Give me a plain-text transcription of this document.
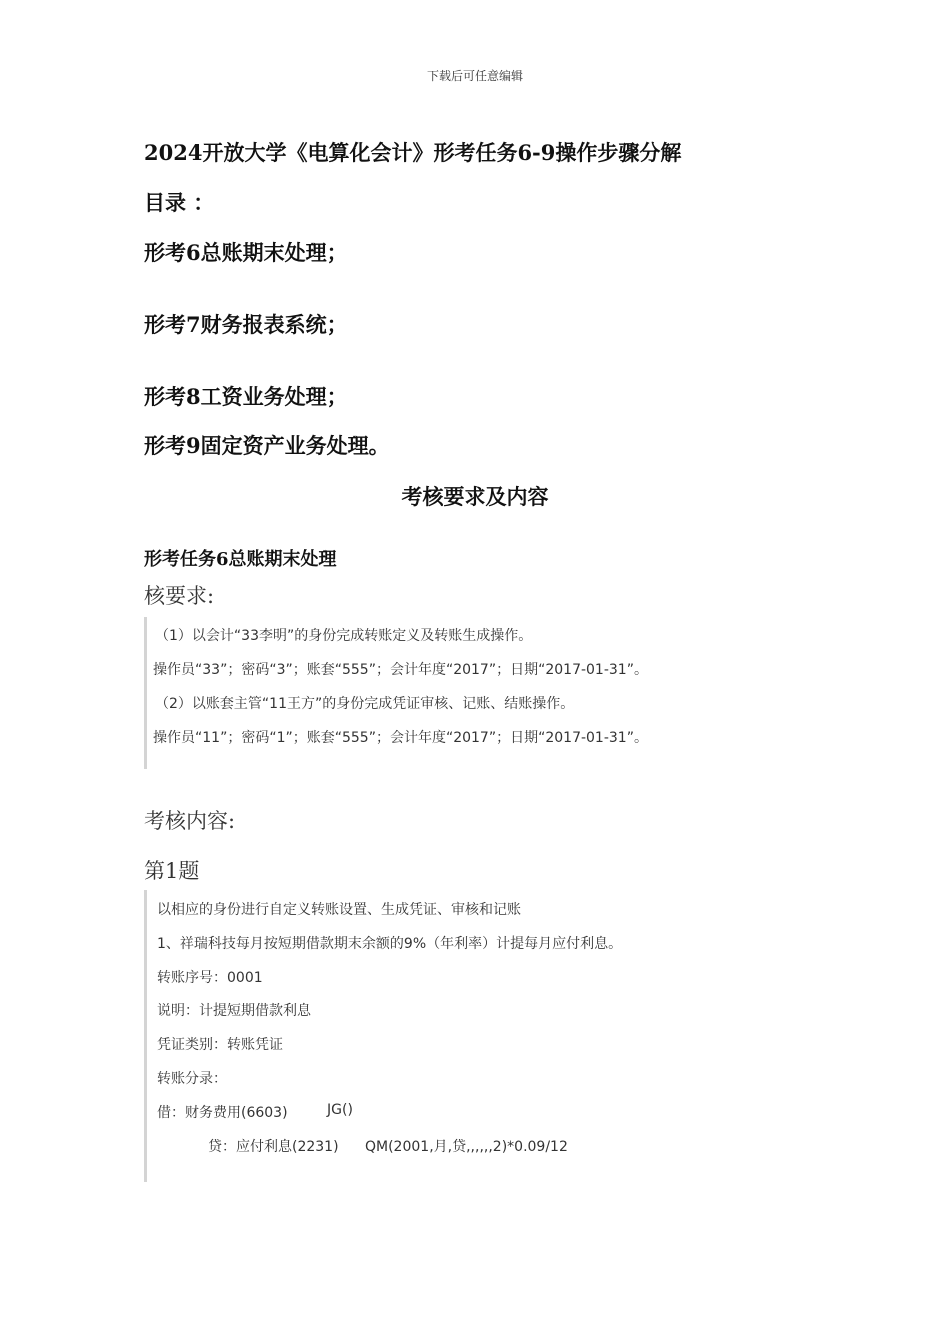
下载后可任意编辑
2024开放大学《电算化会计》形考任务6-9操作步骤分解
目录 ：
形考6总账期末处理；
形考7财务报表系统；
形考8工资业务处理；
形考9固定资产业务处理。
考核要求及内容
形考任务6总账期末处理
核要求:
（1）以会计“33李明”的身份完成转账定义及转账生成操作。
操作员“33”；密码“3”；账套“555”；会计年度“2017”；日期“2017-01-31”。
（2）以账套主管“11王方”的身份完成凭证审核、记账、结账操作。
操作员“11”；密码“1”；账套“555”；会计年度“2017”；日期“2017-01-31”。
考核内容:
第1题
以相应的身份进行自定义转账设置、生成凭证、审核和记账
1、祥瑞科技每月按短期借款期末余额的9%（年利率）计提每月应付利息。
转账序号：0001
说明：计提短期借款利息
凭证类别：转账凭证
转账分录：
借：财务费用(6603)	JG()
贷：应付利息(2231) QM(2001,月,贷,,,,,,2)*0.09/12
